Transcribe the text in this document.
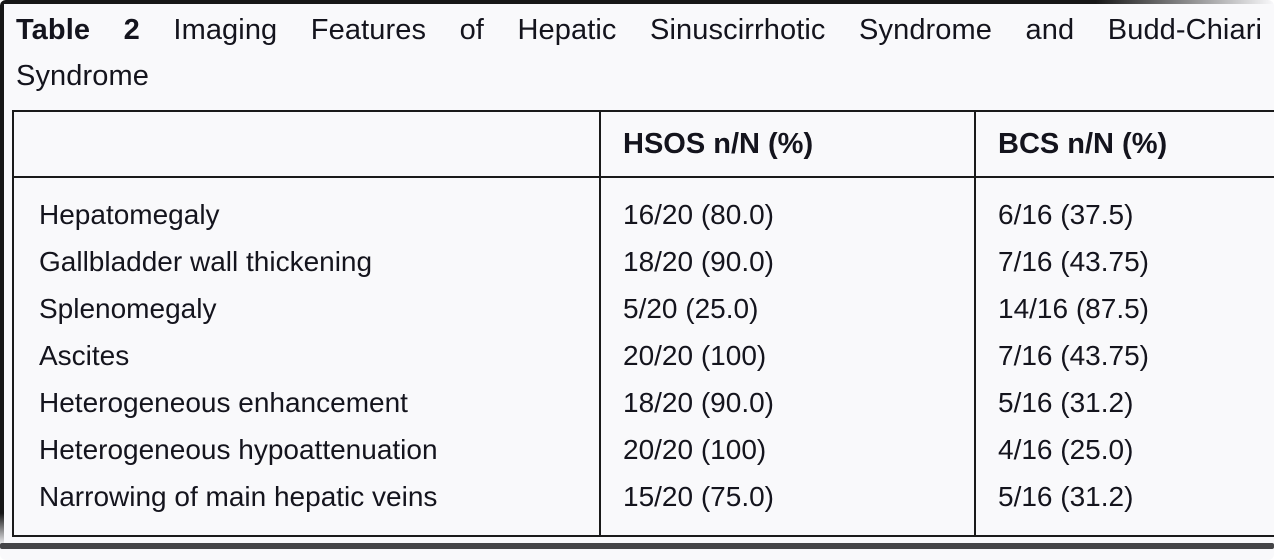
Table 2 Imaging Features of Hepatic Sinuscirrhotic Syndrome and Budd-Chiari
Syndrome
	HSOS n/N (%)	BCS n/N (%)
Hepatomegaly	16/20 (80.0)	6/16 (37.5)
Gallbladder wall thickening	18/20 (90.0)	7/16 (43.75)
Splenomegaly	5/20 (25.0)	14/16 (87.5)
Ascites	20/20 (100)	7/16 (43.75)
Heterogeneous enhancement	18/20 (90.0)	5/16 (31.2)
Heterogeneous hypoattenuation	20/20 (100)	4/16 (25.0)
Narrowing of main hepatic veins	15/20 (75.0)	5/16 (31.2)
